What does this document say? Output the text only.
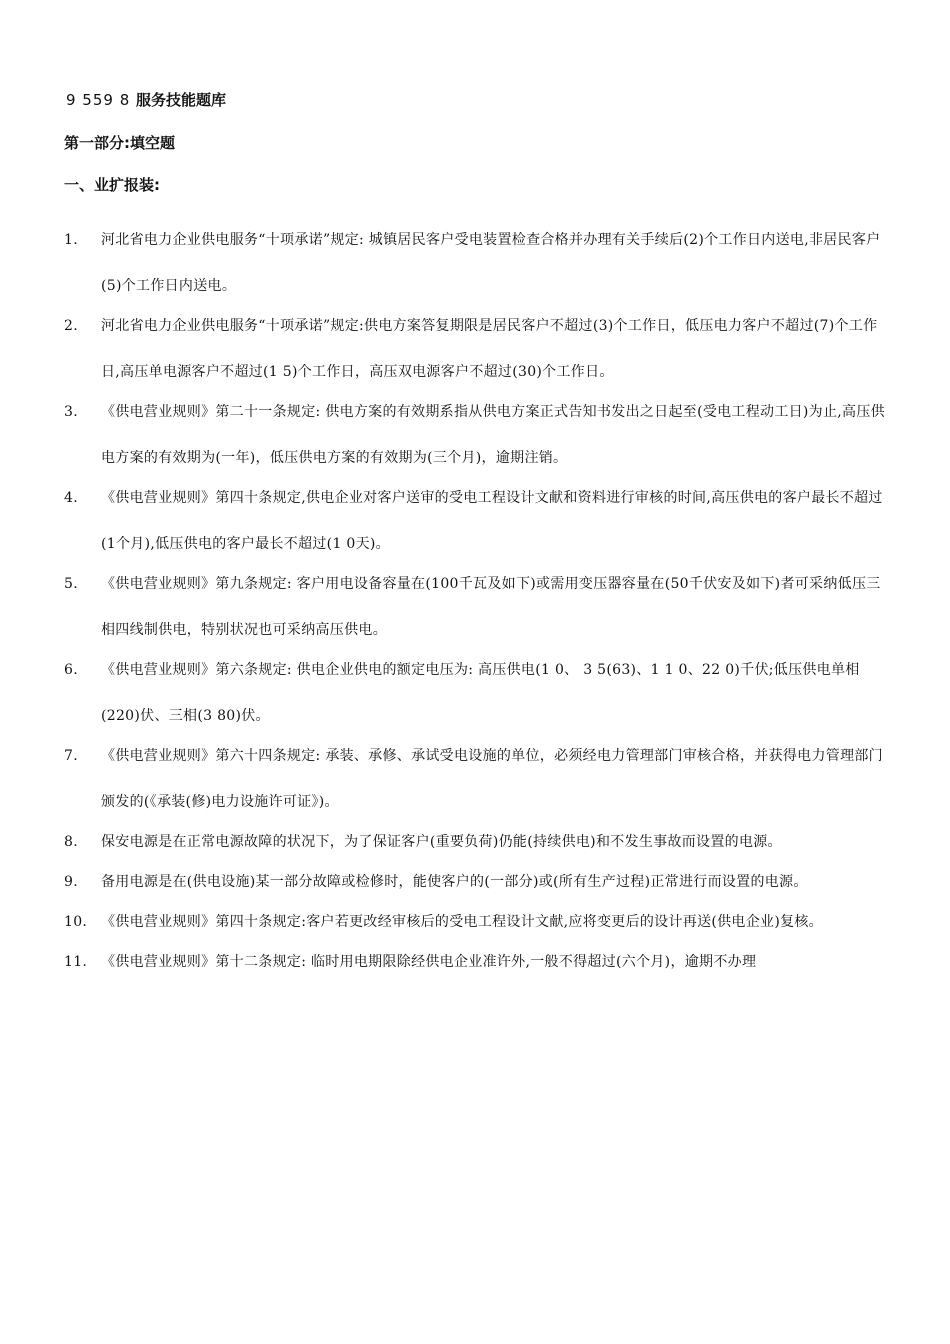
9 559 8 服务技能题库
第一部分:填空题
一、业扩报装:
1. 河北省电力企业供电服务“十项承诺”规定: 城镇居民客户受电装置检查合格并办理有关手续后(2)个工作日内送电,非居民客户(5)个工作日内送电。
2. 河北省电力企业供电服务“十项承诺”规定:供电方案答复期限是居民客户不超过(3)个工作日，低压电力客户不超过(7)个工作日,高压单电源客户不超过(1 5)个工作日，高压双电源客户不超过(30)个工作日。
3. 《供电营业规则》第二十一条规定: 供电方案的有效期系指从供电方案正式告知书发出之日起至(受电工程动工日)为止,高压供电方案的有效期为(一年)，低压供电方案的有效期为(三个月)，逾期注销。
4. 《供电营业规则》第四十条规定,供电企业对客户送审的受电工程设计文献和资料进行审核的时间,高压供电的客户最长不超过(1个月),低压供电的客户最长不超过(1 0天)。
5. 《供电营业规则》第九条规定: 客户用电设备容量在(100千瓦及如下)或需用变压器容量在(50千伏安及如下)者可采纳低压三相四线制供电，特别状况也可采纳高压供电。
6. 《供电营业规则》第六条规定: 供电企业供电的额定电压为: 高压供电(1 0、 3 5(63)、1 1 0、22 0)千伏;低压供电单相(220)伏、三相(3 80)伏。
7. 《供电营业规则》第六十四条规定: 承装、承修、承试受电设施的单位，必须经电力管理部门审核合格，并获得电力管理部门颁发的(《承装(修)电力设施许可证》)。
8. 保安电源是在正常电源故障的状况下，为了保证客户(重要负荷)仍能(持续供电)和不发生事故而设置的电源。
9. 备用电源是在(供电设施)某一部分故障或检修时，能使客户的(一部分)或(所有生产过程)正常进行而设置的电源。
10. 《供电营业规则》第四十条规定:客户若更改经审核后的受电工程设计文献,应将变更后的设计再送(供电企业)复核。
11. 《供电营业规则》第十二条规定: 临时用电期限除经供电企业准许外,一般不得超过(六个月)，逾期不办理
